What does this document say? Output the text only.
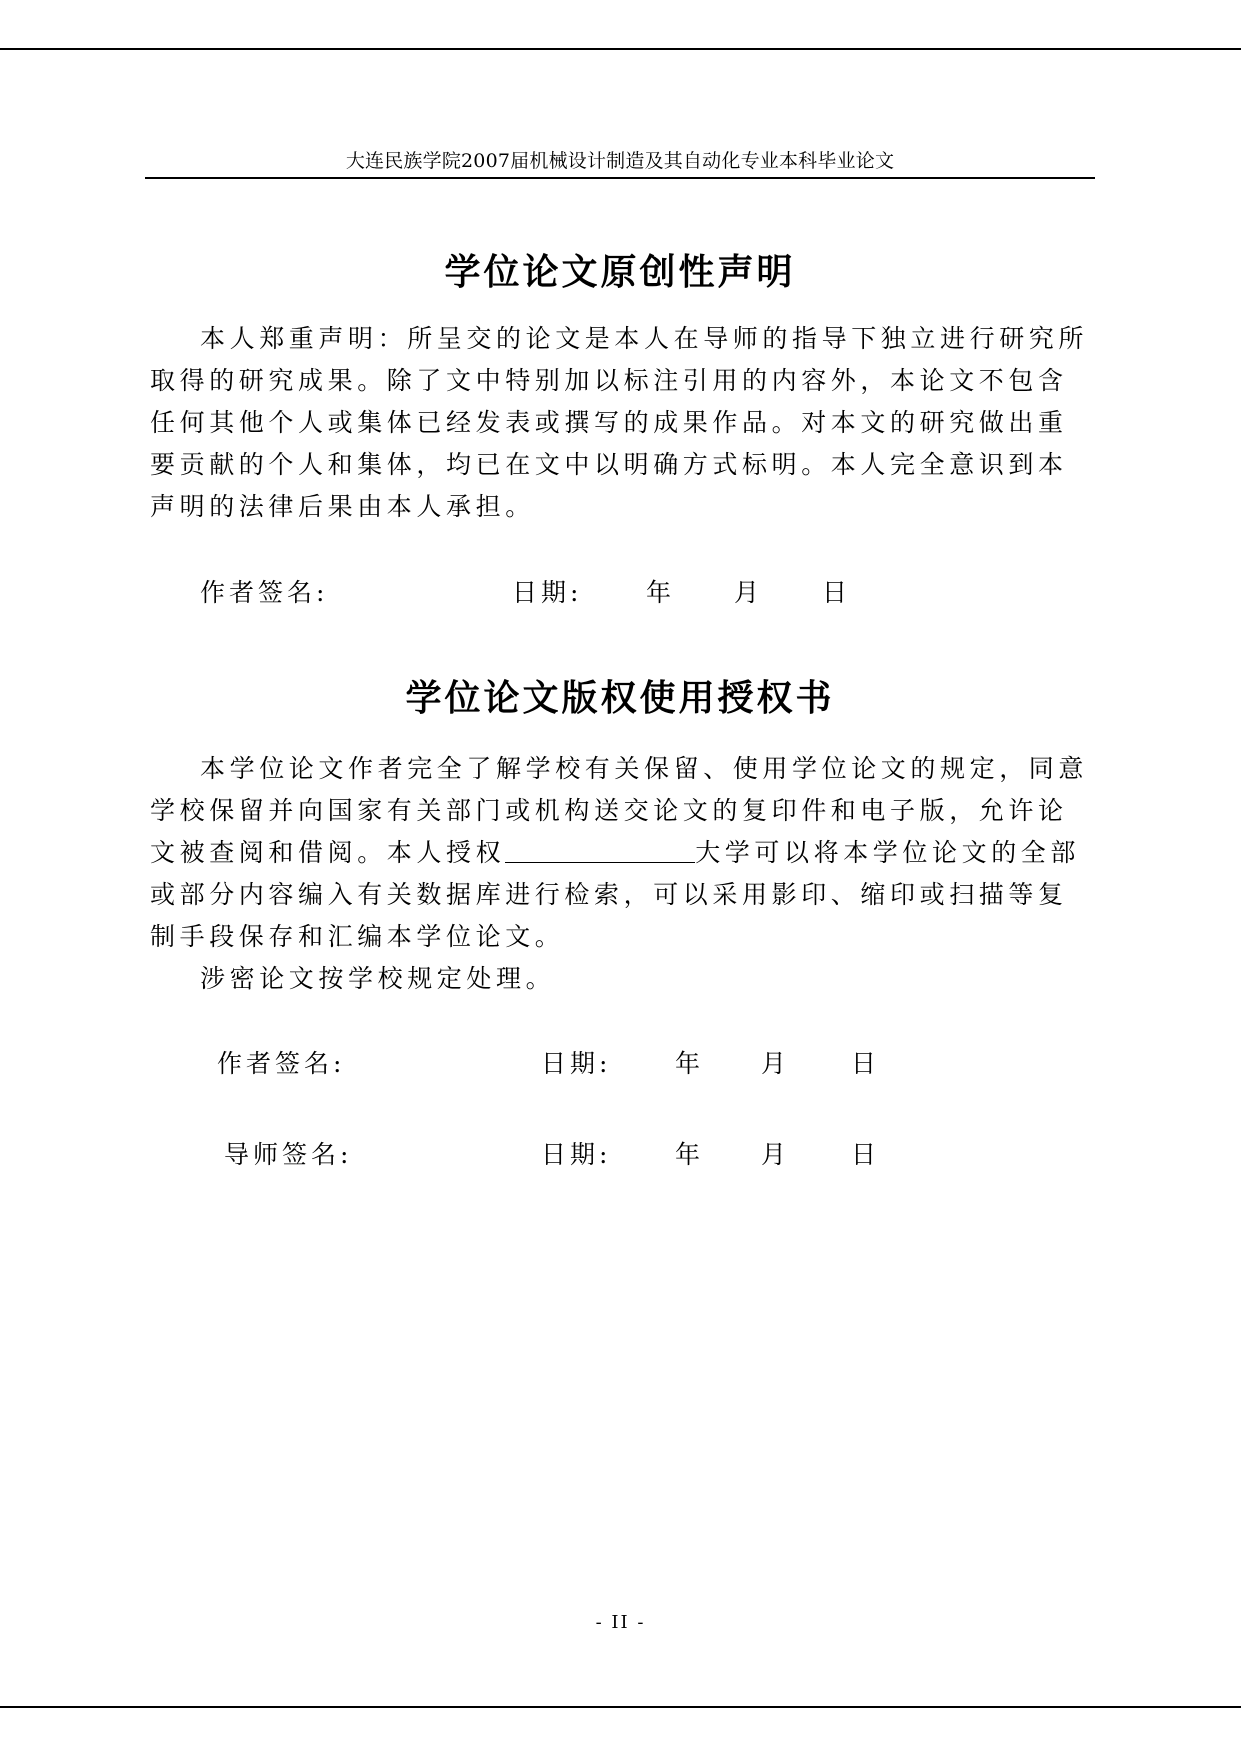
大连民族学院2007届机械设计制造及其自动化专业本科毕业论文
学位论文原创性声明

本人郑重声明：所呈交的论文是本人在导师的指导下独立进行研究所取得的研究成果。除了文中特别加以标注引用的内容外，本论文不包含任何其他个人或集体已经发表或撰写的成果作品。对本文的研究做出重要贡献的个人和集体，均已在文中以明确方式标明。本人完全意识到本声明的法律后果由本人承担。

作者签名:	日期:	年 月 日
学位论文版权使用授权书

本学位论文作者完全了解学校有关保留、使用学位论文的规定，同意学校保留并向国家有关部门或机构送交论文的复印件和电子版，允许论文被查阅和借阅。本人授权	大学可以将本学位论文的全部或部分内容编入有关数据库进行检索，可以采用影印、缩印或扫描等复制手段保存和汇编本学位论文。

涉密论文按学校规定处理。

作者签名:	日期:	年 月 日
导师签名:	日期:	年 月 日
- II -
